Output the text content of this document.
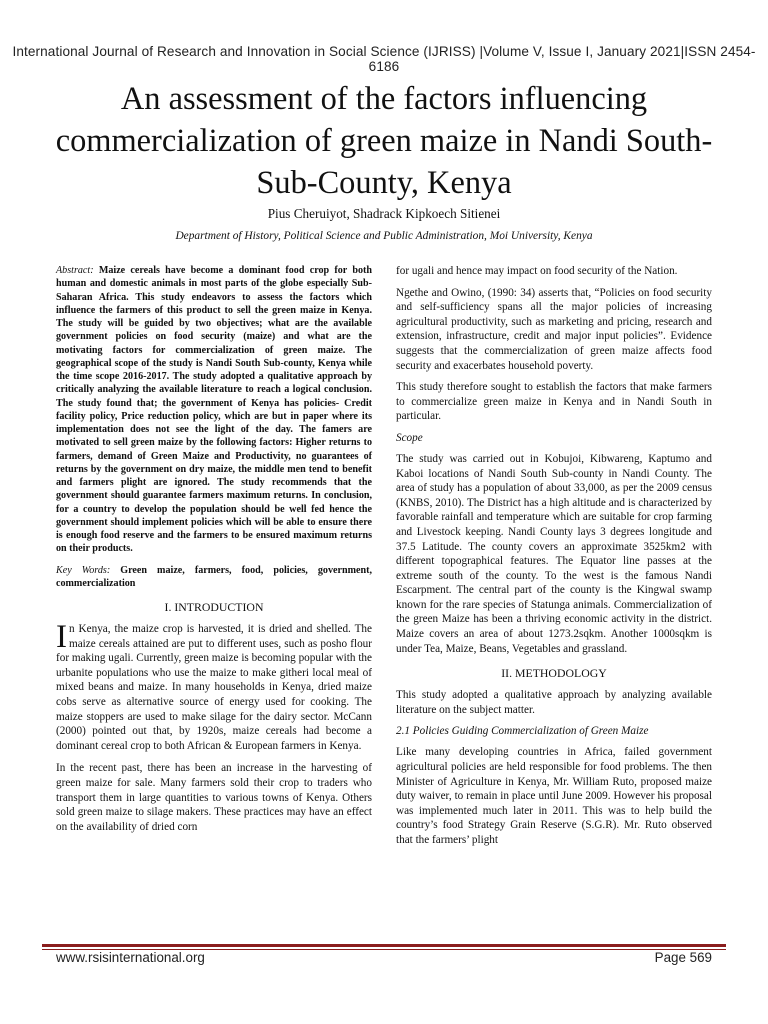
International Journal of Research and Innovation in Social Science (IJRISS) |Volume V, Issue I, January 2021|ISSN 2454-6186
An assessment of the factors influencing commercialization of green maize in Nandi South-Sub-County, Kenya
Pius Cheruiyot, Shadrack Kipkoech Sitienei
Department of History, Political Science and Public Administration, Moi University, Kenya

Abstract: Maize cereals have become a dominant food crop for both human and domestic animals in most parts of the globe especially Sub-Saharan Africa. This study endeavors to assess the factors which influence the farmers of this product to sell the green maize in Kenya. The study will be guided by two objectives; what are the available government policies on food security (maize) and what are the motivating factors for commercialization of green maize. The geographical scope of the study is Nandi South Sub-county, Kenya while the time scope 2016-2017. The study adopted a qualitative approach by critically analyzing the available literature to reach a logical conclusion. The study found that; the government of Kenya has policies- Credit facility policy, Price reduction policy, which are but in paper where its implementation does not see the light of the day. The famers are motivated to sell green maize by the following factors: Higher returns to farmers, demand of Green Maize and Productivity, no guarantees of returns by the government on dry maize, the middle men tend to benefit and farmers plight are ignored. The study recommends that the government should guarantee farmers maximum returns. In conclusion, for a country to develop the population should be well fed hence the government should implement policies which will be able to ensure there is enough food reserve and the farmers to be ensured maximum returns on their products.

Key Words: Green maize, farmers, food, policies, government, commercialization

I. INTRODUCTION

In Kenya, the maize crop is harvested, it is dried and shelled. The maize cereals attained are put to different uses, such as posho flour for making ugali. Currently, green maize is becoming popular with the urbanite populations who use the maize to make githeri local meal of mixed beans and maize. In many households in Kenya, dried maize cobs serve as alternative source of energy used for cooking. The maize stoppers are used to make silage for the dairy sector. McCann (2000) pointed out that, by 1920s, maize cereals had become a dominant cereal crop to both African & European farmers in Kenya.

In the recent past, there has been an increase in the harvesting of green maize for sale. Many farmers sold their crop to traders who transport them in large quantities to various towns of Kenya. Others sold green maize to silage makers. These practices may have an effect on the availability of dried corn

for ugali and hence may impact on food security of the Nation.

Ngethe and Owino, (1990: 34) asserts that, “Policies on food security and self-sufficiency spans all the major policies of increasing agricultural productivity, such as marketing and pricing, research and extension, infrastructure, credit and major input policies”. Evidence suggests that the commercialization of green maize affects food security and exacerbates household poverty.

This study therefore sought to establish the factors that make farmers to commercialize green maize in Kenya and in Nandi South in particular.

Scope

The study was carried out in Kobujoi, Kibwareng, Kaptumo and Kaboi locations of Nandi South Sub-county in Nandi County. The area of study has a population of about 33,000, as per the 2009 census (KNBS, 2010). The District has a high altitude and is characterized by favorable rainfall and temperature which are suitable for crop farming and Livestock keeping. Nandi County lays 3 degrees longitude and 37.5 Latitude. The county covers an approximate 3525km2 with different topographical features. The Equator line passes at the extreme south of the county. To the west is the famous Nandi Escarpment. The central part of the county is the Kingwal swamp known for the rare species of Statunga animals. Commercialization of the green Maize has been a thriving economic activity in the district. Maize covers an area of about 1273.2sqkm. Another 1000sqkm is under Tea, Maize, Beans, Vegetables and grassland.

II. METHODOLOGY

This study adopted a qualitative approach by analyzing available literature on the subject matter.

2.1 Policies Guiding Commercialization of Green Maize

Like many developing countries in Africa, failed government agricultural policies are held responsible for food problems. The then Minister of Agriculture in Kenya, Mr. William Ruto, proposed maize duty waiver, to remain in place until June 2009. However his proposal was implemented much later in 2011. This was to help build the country’s food Strategy Grain Reserve (S.G.R). Mr. Ruto observed that the farmers’ plight

www.rsisinternational.org	Page 569
